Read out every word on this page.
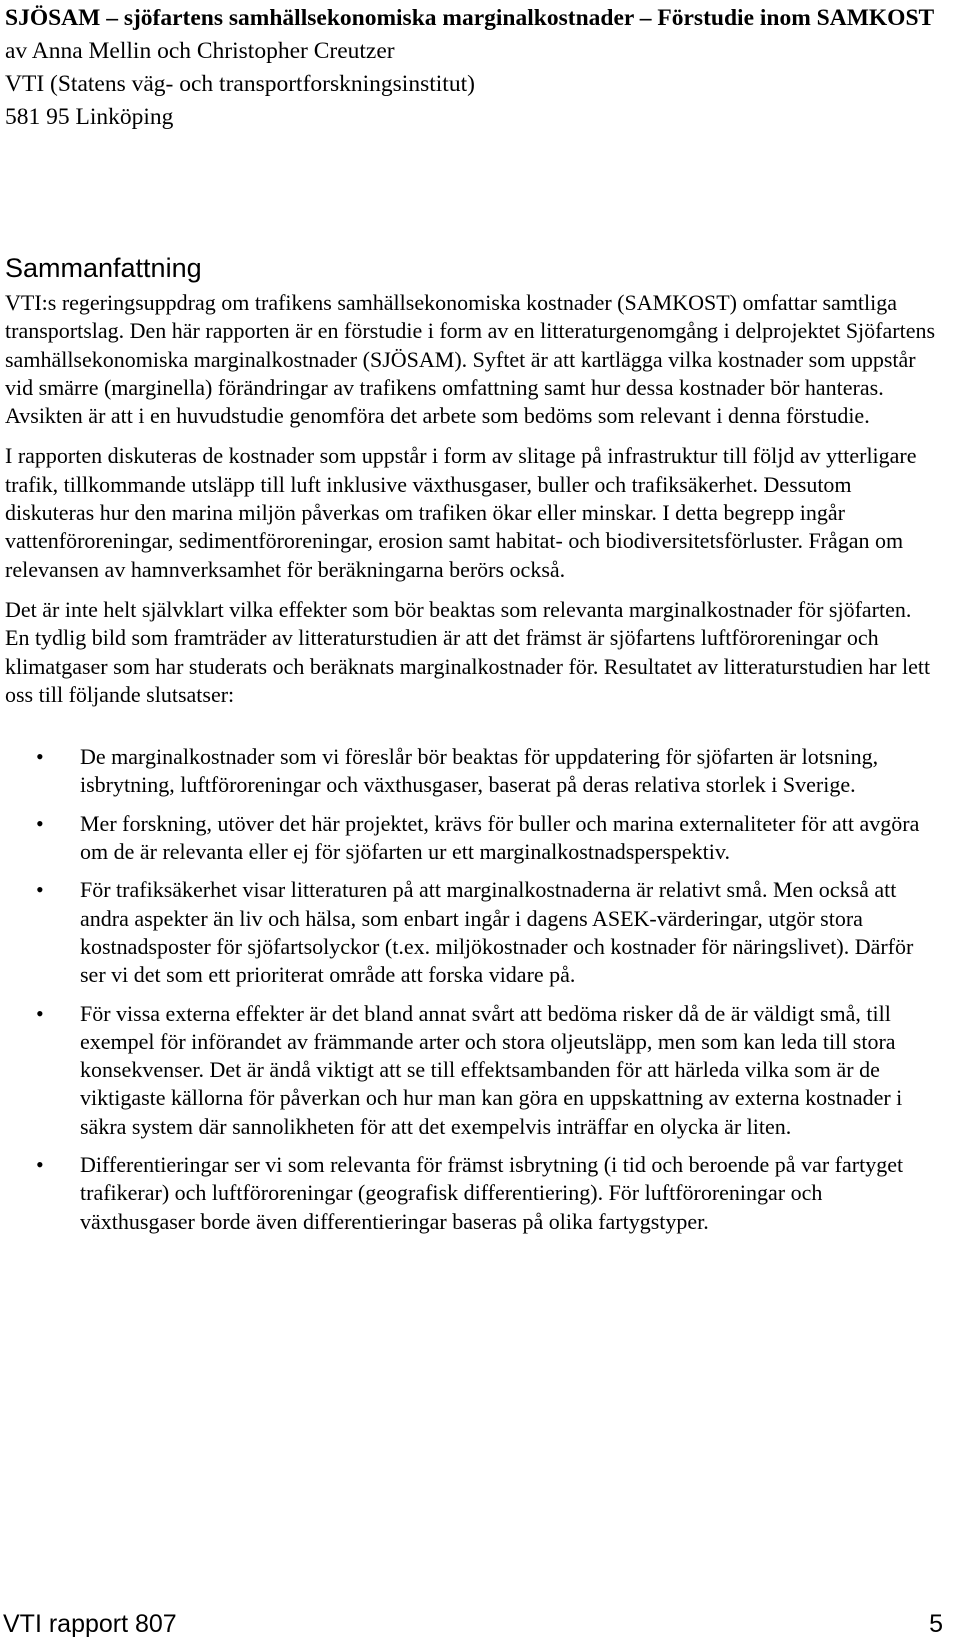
SJÖSAM – sjöfartens samhällsekonomiska marginalkostnader – Förstudie inom SAMKOST

av Anna Mellin och Christopher Creutzer

VTI (Statens väg- och transportforskningsinstitut)

581 95 Linköping

Sammanfattning

VTI:s regeringsuppdrag om trafikens samhällsekonomiska kostnader (SAMKOST) omfattar samtliga transportslag. Den här rapporten är en förstudie i form av en litteraturgenomgång i delprojektet Sjöfartens samhällsekonomiska marginalkostnader (SJÖSAM). Syftet är att kartlägga vilka kostnader som uppstår vid smärre (marginella) förändringar av trafikens omfattning samt hur dessa kostnader bör hanteras. Avsikten är att i en huvudstudie genomföra det arbete som bedöms som relevant i denna förstudie.

I rapporten diskuteras de kostnader som uppstår i form av slitage på infrastruktur till följd av ytterligare trafik, tillkommande utsläpp till luft inklusive växthusgaser, buller och trafiksäkerhet. Dessutom diskuteras hur den marina miljön påverkas om trafiken ökar eller minskar. I detta begrepp ingår vattenföroreningar, sedimentföroreningar, erosion samt habitat- och biodiversitetsförluster. Frågan om relevansen av hamnverksamhet för beräkningarna berörs också.

Det är inte helt självklart vilka effekter som bör beaktas som relevanta marginalkostnader för sjöfarten. En tydlig bild som framträder av litteraturstudien är att det främst är sjöfartens luftföroreningar och klimatgaser som har studerats och beräknats marginalkostnader för. Resultatet av litteraturstudien har lett oss till följande slutsatser:

• De marginalkostnader som vi föreslår bör beaktas för uppdatering för sjöfarten är lotsning, isbrytning, luftföroreningar och växthusgaser, baserat på deras relativa storlek i Sverige.
• Mer forskning, utöver det här projektet, krävs för buller och marina externaliteter för att avgöra om de är relevanta eller ej för sjöfarten ur ett marginalkostnadsperspektiv.
• För trafiksäkerhet visar litteraturen på att marginalkostnaderna är relativt små. Men också att andra aspekter än liv och hälsa, som enbart ingår i dagens ASEK-värderingar, utgör stora kostnadsposter för sjöfartsolyckor (t.ex. miljökostnader och kostnader för näringslivet). Därför ser vi det som ett prioriterat område att forska vidare på.
• För vissa externa effekter är det bland annat svårt att bedöma risker då de är väldigt små, till exempel för införandet av främmande arter och stora oljeutsläpp, men som kan leda till stora konsekvenser. Det är ändå viktigt att se till effektsambanden för att härleda vilka som är de viktigaste källorna för påverkan och hur man kan göra en uppskattning av externa kostnader i säkra system där sannolikheten för att det exempelvis inträffar en olycka är liten.
• Differentieringar ser vi som relevanta för främst isbrytning (i tid och beroende på var fartyget trafikerar) och luftföroreningar (geografisk differentiering). För luftföroreningar och växthusgaser borde även differentieringar baseras på olika fartygstyper.
VTI rapport 807	5
